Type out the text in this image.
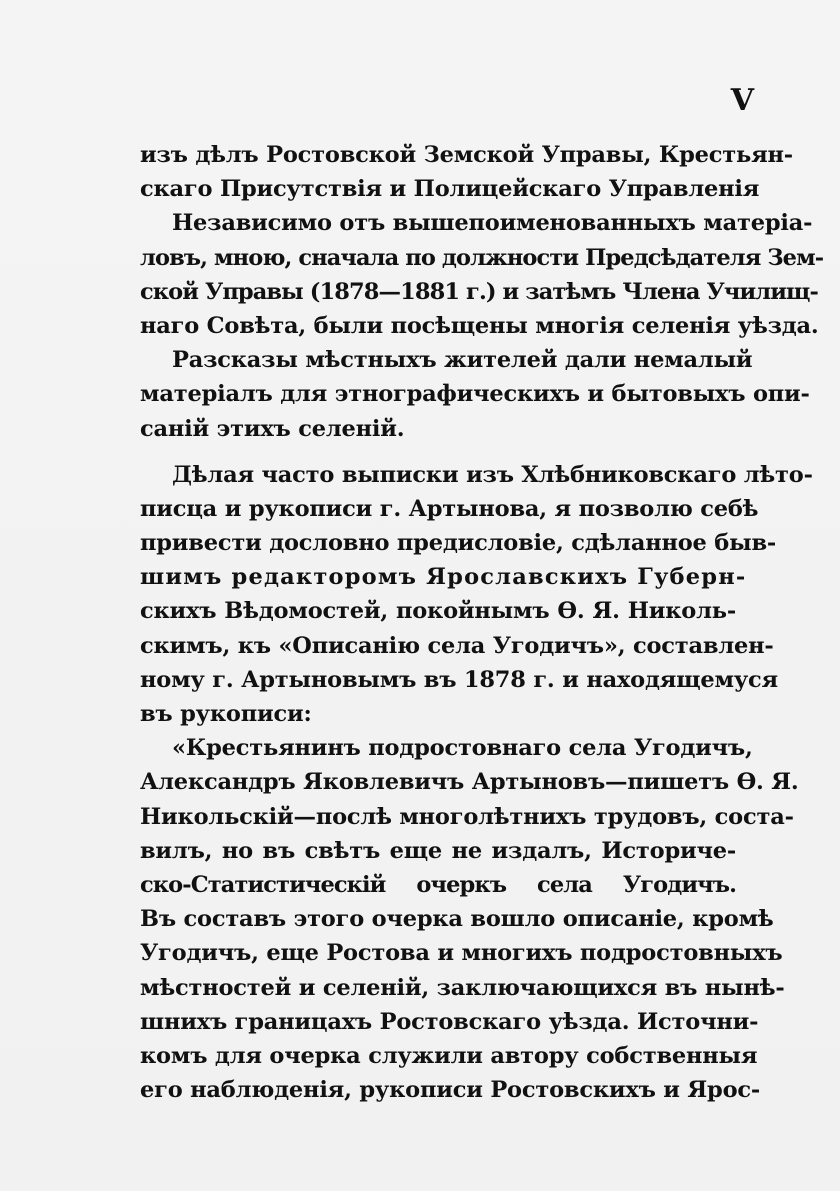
V
изъ дѣлъ Ростовской Земской Управы, Крестьян-
скаго Присутствія и Полицейскаго Управленія
Независимо отъ вышепоименованныхъ матеріа-
ловъ, мною, сначала по должности Предсѣдателя Зем-
ской Управы (1878—1881 г.) и затѣмъ Члена Училищ-
наго Совѣта, были посѣщены многія селенія уѣзда.
Разсказы мѣстныхъ жителей дали немалый
матеріалъ для этнографическихъ и бытовыхъ опи-
саній этихъ селеній.
Дѣлая часто выписки изъ Хлѣбниковскаго лѣто-
писца и рукописи г. Артынова, я позволю себѣ
привести дословно предисловіе, сдѣланное быв-
шимъ редакторомъ Ярославскихъ Губерн-
скихъ Вѣдомостей, покойнымъ Ѳ. Я. Николь-
скимъ, къ «Описанію села Угодичъ», составлен-
ному г. Артыновымъ въ 1878 г. и находящемуся
въ рукописи:
«Крестьянинъ подростовнаго села Угодичъ,
Александръ Яковлевичъ Артыновъ—пишетъ Ѳ. Я.
Никольскій—послѣ многолѣтнихъ трудовъ, соста-
вилъ, но въ свѣтъ еще не издалъ, Историче-
ско-Статистическій очеркъ села Угодичъ.
Въ составъ этого очерка вошло описаніе, кромѣ
Угодичъ, еще Ростова и многихъ подростовныхъ
мѣстностей и селеній, заключающихся въ нынѣ-
шнихъ границахъ Ростовскаго уѣзда. Источни-
комъ для очерка служили автору собственныя
его наблюденія, рукописи Ростовскихъ и Ярос-
